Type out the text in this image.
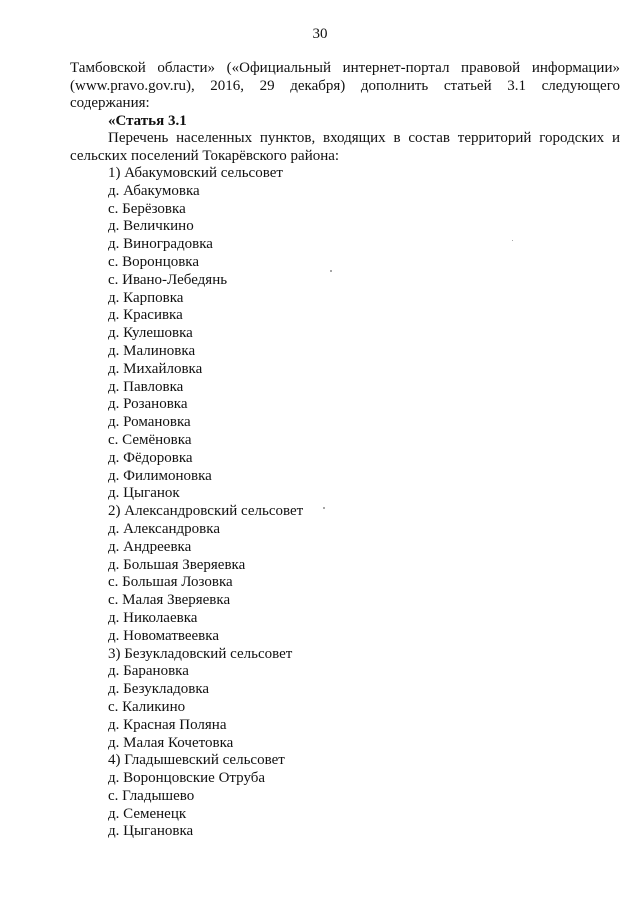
30

Тамбовской области» («Официальный интернет-портал правовой информации» (www.pravo.gov.ru), 2016, 29 декабря) дополнить статьей 3.1 следующего содержания:

«Статья 3.1

Перечень населенных пунктов, входящих в состав территорий городских и сельских поселений Токарёвского района:

1) Абакумовский сельсовет
д. Абакумовка
с. Берёзовка
д. Величкино
д. Виноградовка
с. Воронцовка
с. Ивано-Лебедянь
д. Карповка
д. Красивка
д. Кулешовка
д. Малиновка
д. Михайловка
д. Павловка
д. Розановка
д. Романовка
с. Семёновка
д. Фёдоровка
д. Филимоновка
д. Цыганок
2) Александровский сельсовет
д. Александровка
д. Андреевка
д. Большая Зверяевка
с. Большая Лозовка
с. Малая Зверяевка
д. Николаевка
д. Новоматвеевка
3) Безукладовский сельсовет
д. Барановка
д. Безукладовка
с. Каликино
д. Красная Поляна
д. Малая Кочетовка
4) Гладышевский сельсовет
д. Воронцовские Отруба
с. Гладышево
д. Семенецк
д. Цыгановка
